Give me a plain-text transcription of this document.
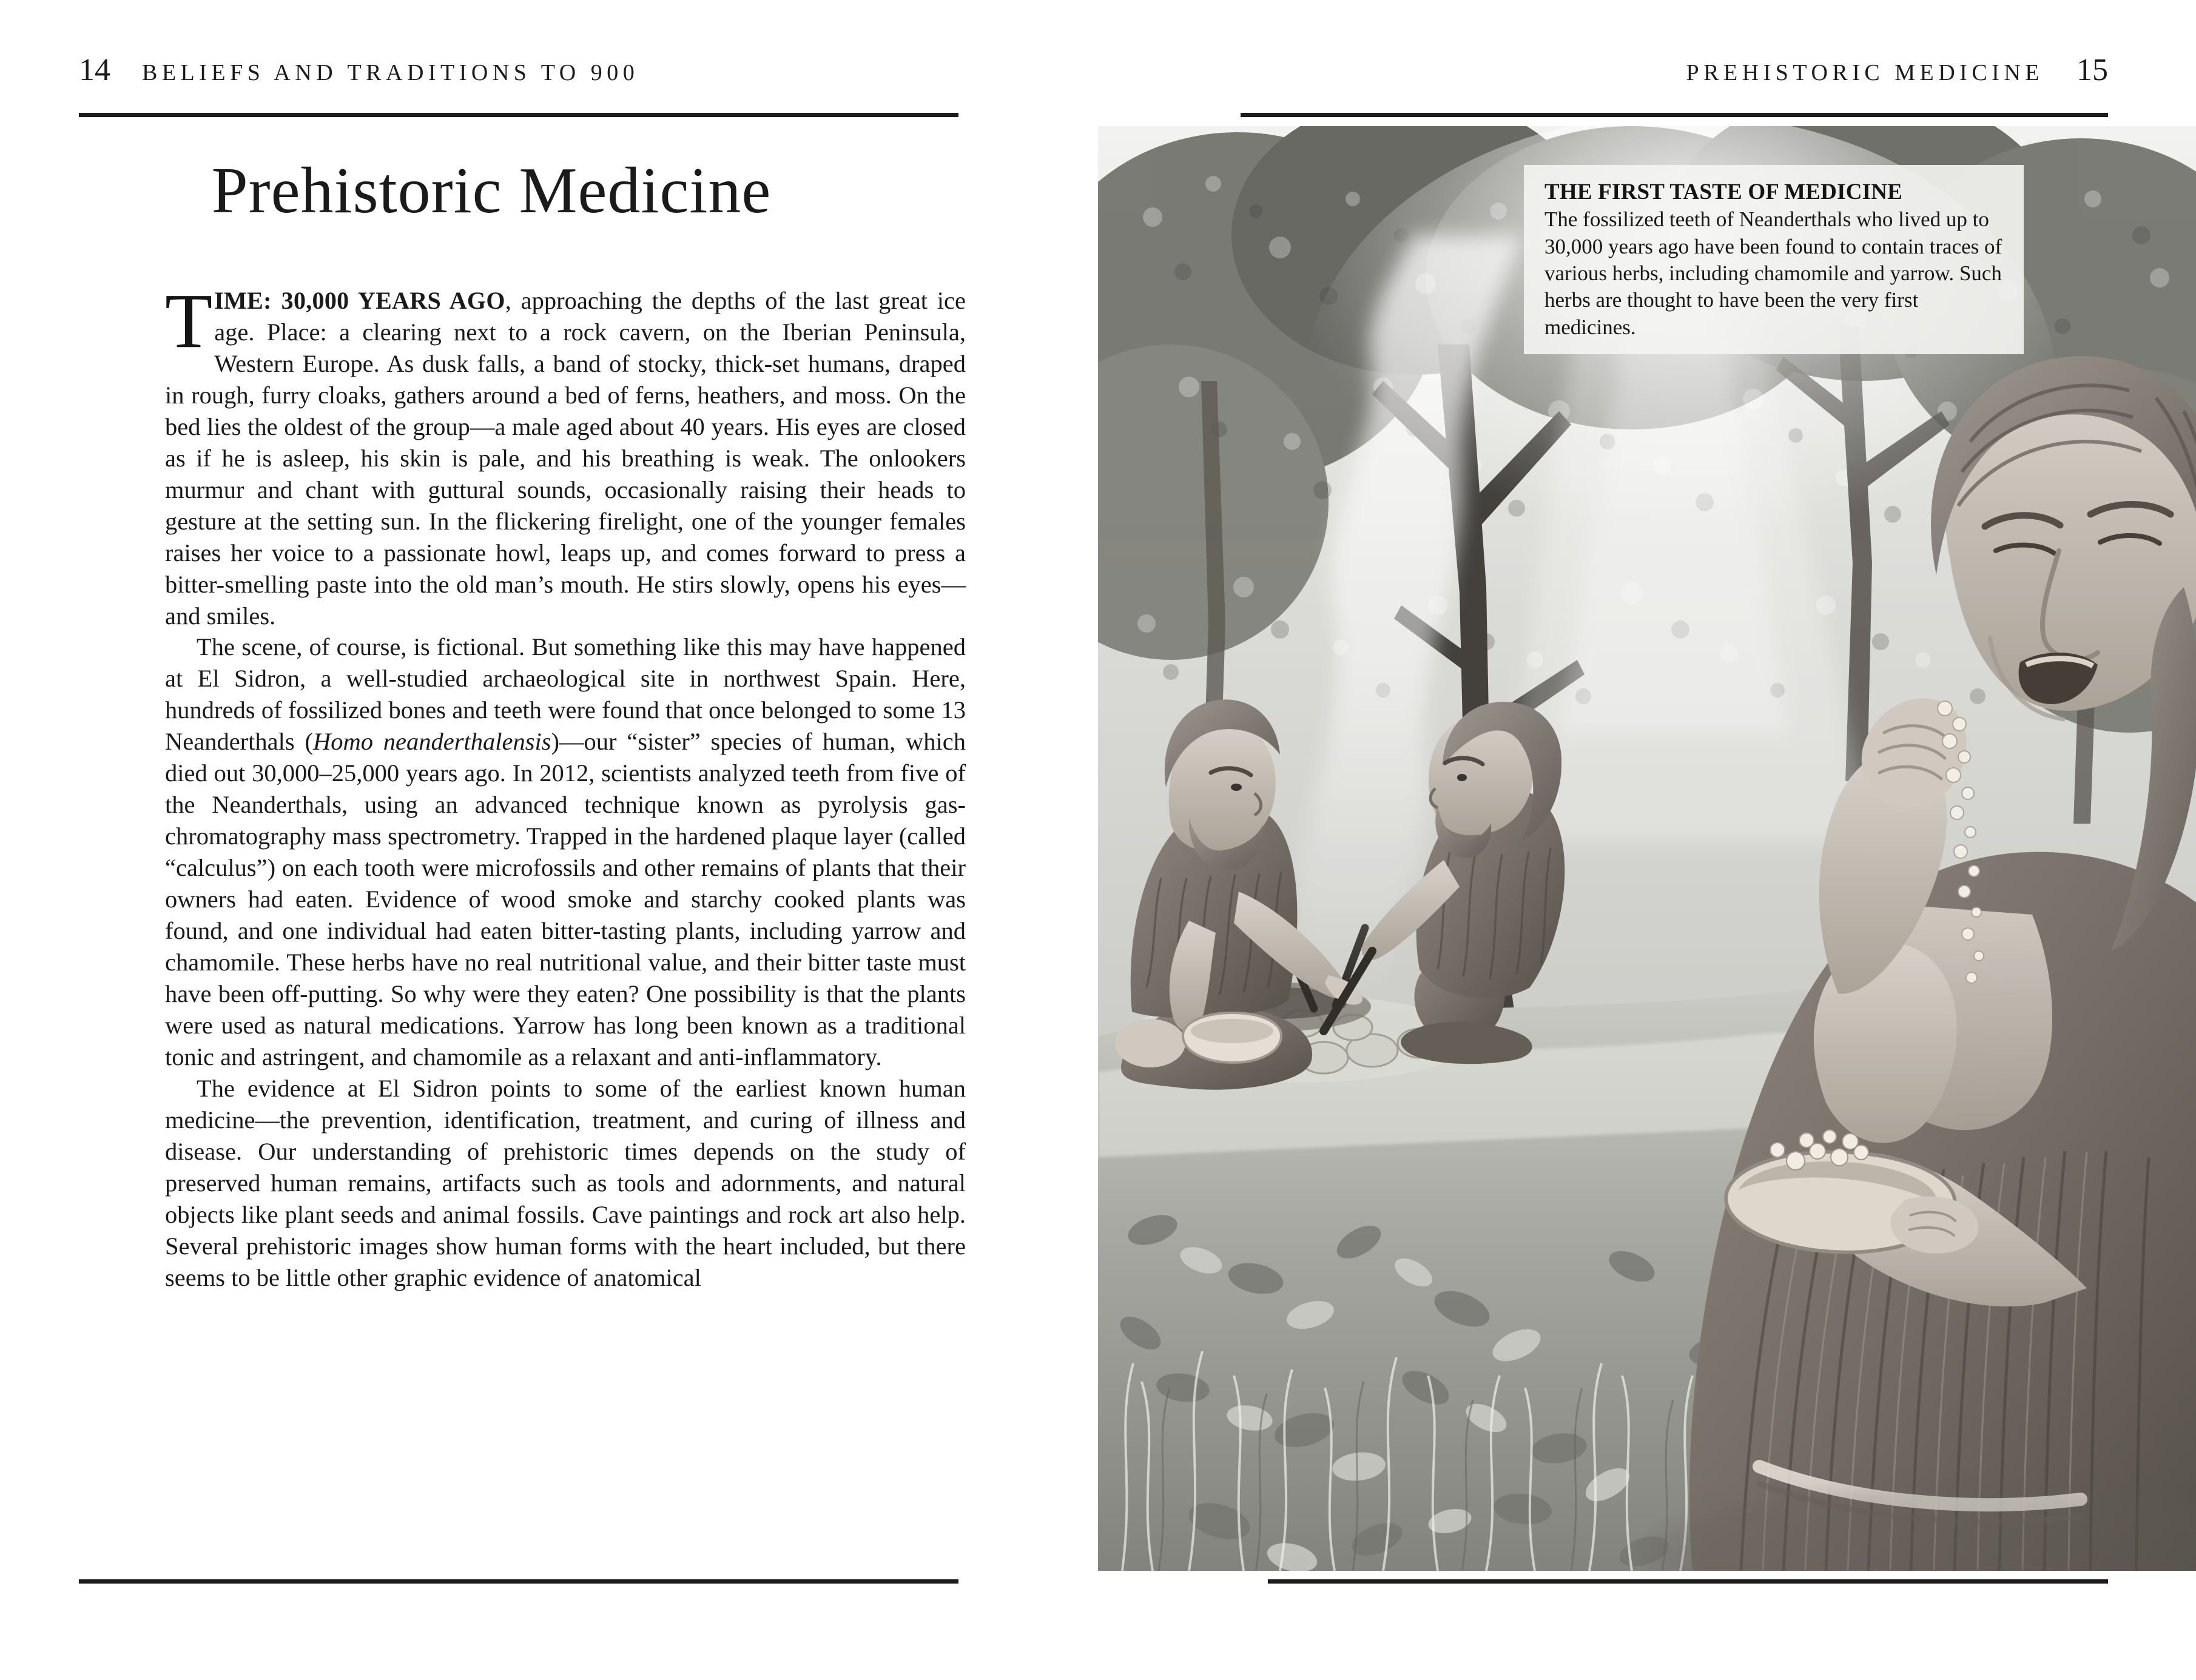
14 BELIEFS AND TRADITIONS TO 900
Prehistoric Medicine

TIME: 30,000 YEARS AGO, approaching the depths of the last great ice age. Place: a clearing next to a rock cavern, on the Iberian Peninsula, Western Europe. As dusk falls, a band of stocky, thick-set humans, draped in rough, furry cloaks, gathers around a bed of ferns, heathers, and moss. On the bed lies the oldest of the group—a male aged about 40 years. His eyes are closed as if he is asleep, his skin is pale, and his breathing is weak. The onlookers murmur and chant with guttural sounds, occasionally raising their heads to gesture at the setting sun. In the flickering firelight, one of the younger females raises her voice to a passionate howl, leaps up, and comes forward to press a bitter-smelling paste into the old man’s mouth. He stirs slowly, opens his eyes—and smiles.

The scene, of course, is fictional. But something like this may have happened at El Sidron, a well-studied archaeological site in northwest Spain. Here, hundreds of fossilized bones and teeth were found that once belonged to some 13 Neanderthals (Homo neanderthalensis)—our “sister” species of human, which died out 30,000–25,000 years ago. In 2012, scientists analyzed teeth from five of the Neanderthals, using an advanced technique known as pyrolysis gas-chromatography mass spectrometry. Trapped in the hardened plaque layer (called “calculus”) on each tooth were microfossils and other remains of plants that their owners had eaten. Evidence of wood smoke and starchy cooked plants was found, and one individual had eaten bitter-tasting plants, including yarrow and chamomile. These herbs have no real nutritional value, and their bitter taste must have been off-putting. So why were they eaten? One possibility is that the plants were used as natural medications. Yarrow has long been known as a traditional tonic and astringent, and chamomile as a relaxant and anti-inflammatory.

The evidence at El Sidron points to some of the earliest known human medicine—the prevention, identification, treatment, and curing of illness and disease. Our understanding of prehistoric times depends on the study of preserved human remains, artifacts such as tools and adornments, and natural objects like plant seeds and animal fossils. Cave paintings and rock art also help. Several prehistoric images show human forms with the heart included, but there seems to be little other graphic evidence of anatomical

PREHISTORIC MEDICINE 15
THE FIRST TASTE OF MEDICINE
The fossilized teeth of Neanderthals who lived up to 30,000 years ago have been found to contain traces of various herbs, including chamomile and yarrow. Such herbs are thought to have been the very first medicines.
